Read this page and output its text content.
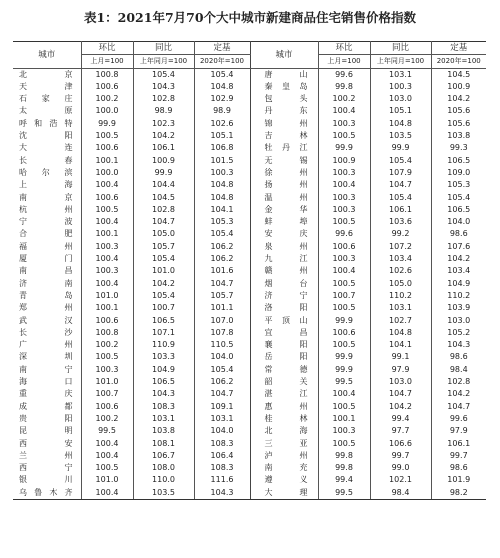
表1：2021年7月70个大中城市新建商品住宅销售价格指数
城市	环比	同比	定基	城市	环比	同比	定基
	上月=100	上年同月=100	2020年=100		上月=100	上年同月=100	2020年=100
北　京	100.8	105.4	105.4	唐　山	99.6	103.1	104.5
天　津	100.6	104.3	104.8	秦皇岛	99.8	100.3	100.9
石家庄	100.2	102.8	102.9	包　头	100.2	103.0	104.2
太　原	100.0	98.9	98.9	丹　东	100.4	105.1	105.6
呼和浩特	99.9	102.3	102.6	锦　州	100.3	104.8	105.6
沈　阳	100.5	104.2	105.1	吉　林	100.5	103.5	103.8
大　连	100.6	106.1	106.8	牡丹江	99.9	99.9	99.3
长　春	100.1	100.9	101.5	无　锡	100.9	105.4	106.5
哈尔滨	100.0	99.9	100.3	徐　州	100.3	107.9	109.0
上　海	100.4	104.4	104.8	扬　州	100.4	104.7	105.3
南　京	100.6	104.5	104.8	温　州	100.3	105.4	105.4
杭　州	100.5	102.8	104.1	金　华	100.3	106.1	106.5
宁　波	100.4	104.7	105.3	蚌　埠	100.5	103.6	104.0
合　肥	100.1	105.0	105.4	安　庆	99.6	99.2	98.6
福　州	100.3	105.7	106.2	泉　州	100.6	107.2	107.6
厦　门	100.4	105.4	106.2	九　江	100.3	103.4	104.2
南　昌	100.3	101.0	101.6	赣　州	100.4	102.6	103.4
济　南	100.4	104.2	104.7	烟　台	100.5	105.0	104.9
青　岛	101.0	105.4	105.7	济　宁	100.7	110.2	110.2
郑　州	100.1	100.7	101.1	洛　阳	100.5	103.1	103.9
武　汉	100.6	106.5	107.0	平顶山	99.9	102.7	103.0
长　沙	100.8	107.1	107.8	宜　昌	100.6	104.8	105.2
广　州	100.2	110.9	110.5	襄　阳	100.5	104.1	104.3
深　圳	100.5	103.3	104.0	岳　阳	99.9	99.1	98.6
南　宁	100.3	104.9	105.4	常　德	99.9	97.9	98.4
海　口	101.0	106.5	106.2	韶　关	99.5	103.0	102.8
重　庆	100.7	104.3	104.7	湛　江	100.4	104.7	104.2
成　都	100.6	108.3	109.1	惠　州	100.5	104.2	104.7
贵　阳	100.2	103.1	103.1	桂　林	100.1	99.4	99.6
昆　明	99.5	103.8	104.0	北　海	100.3	97.7	97.9
西　安	100.4	108.1	108.3	三　亚	100.5	106.6	106.1
兰　州	100.4	106.7	106.4	泸　州	99.8	99.7	99.7
西　宁	100.5	108.0	108.3	南　充	99.8	99.0	98.6
银　川	101.0	110.0	111.6	遵　义	99.4	102.1	101.9
乌鲁木齐	100.4	103.5	104.3	大　理	99.5	98.4	98.2
